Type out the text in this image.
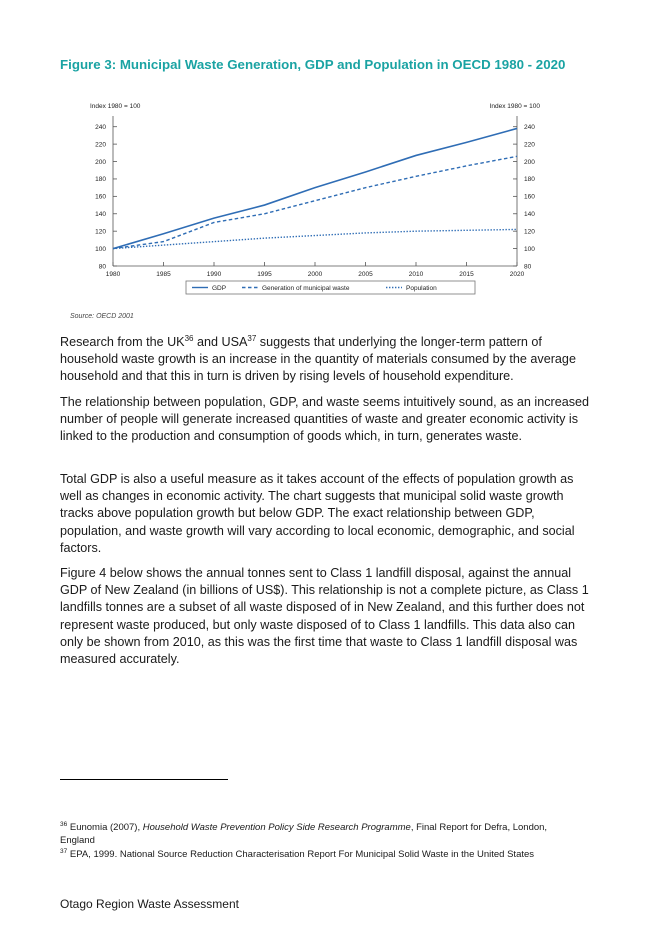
Figure 3: Municipal Waste Generation, GDP and Population in OECD 1980 - 2020
Index 1980 = 100	Index 1980 = 100
80	80
100	100
120	120
140	140
160	160
180	180
200	200
220	220
240	240
1980	1985	1990	1995	2000	2005	2010	2015	2020
GDP	Generation of municipal waste	Population
Source: OECD 2001

Research from the UK$^{36}$ and USA$^{37}$ suggests that underlying the longer-term pattern of household waste growth is an increase in the quantity of materials consumed by the average household and that this in turn is driven by rising levels of household expenditure.

The relationship between population, GDP, and waste seems intuitively sound, as an increased number of people will generate increased quantities of waste and greater economic activity is linked to the production and consumption of goods which, in turn, generates waste.

Total GDP is also a useful measure as it takes account of the effects of population growth as well as changes in economic activity. The chart suggests that municipal solid waste growth tracks above population growth but below GDP. The exact relationship between GDP, population, and waste growth will vary according to local economic, demographic, and social factors.

Figure 4 below shows the annual tonnes sent to Class 1 landfill disposal, against the annual GDP of New Zealand (in billions of US$). This relationship is not a complete picture, as Class 1 landfills tonnes are a subset of all waste disposed of in New Zealand, and this further does not represent waste produced, but only waste disposed of to Class 1 landfills. This data also can only be shown from 2010, as this was the first time that waste to Class 1 landfill disposal was measured accurately.

$^{36}$ Eunomia (2007), Household Waste Prevention Policy Side Research Programme, Final Report for Defra, London, England

$^{37}$ EPA, 1999. National Source Reduction Characterisation Report For Municipal Solid Waste in the United States

Otago Region Waste Assessment
